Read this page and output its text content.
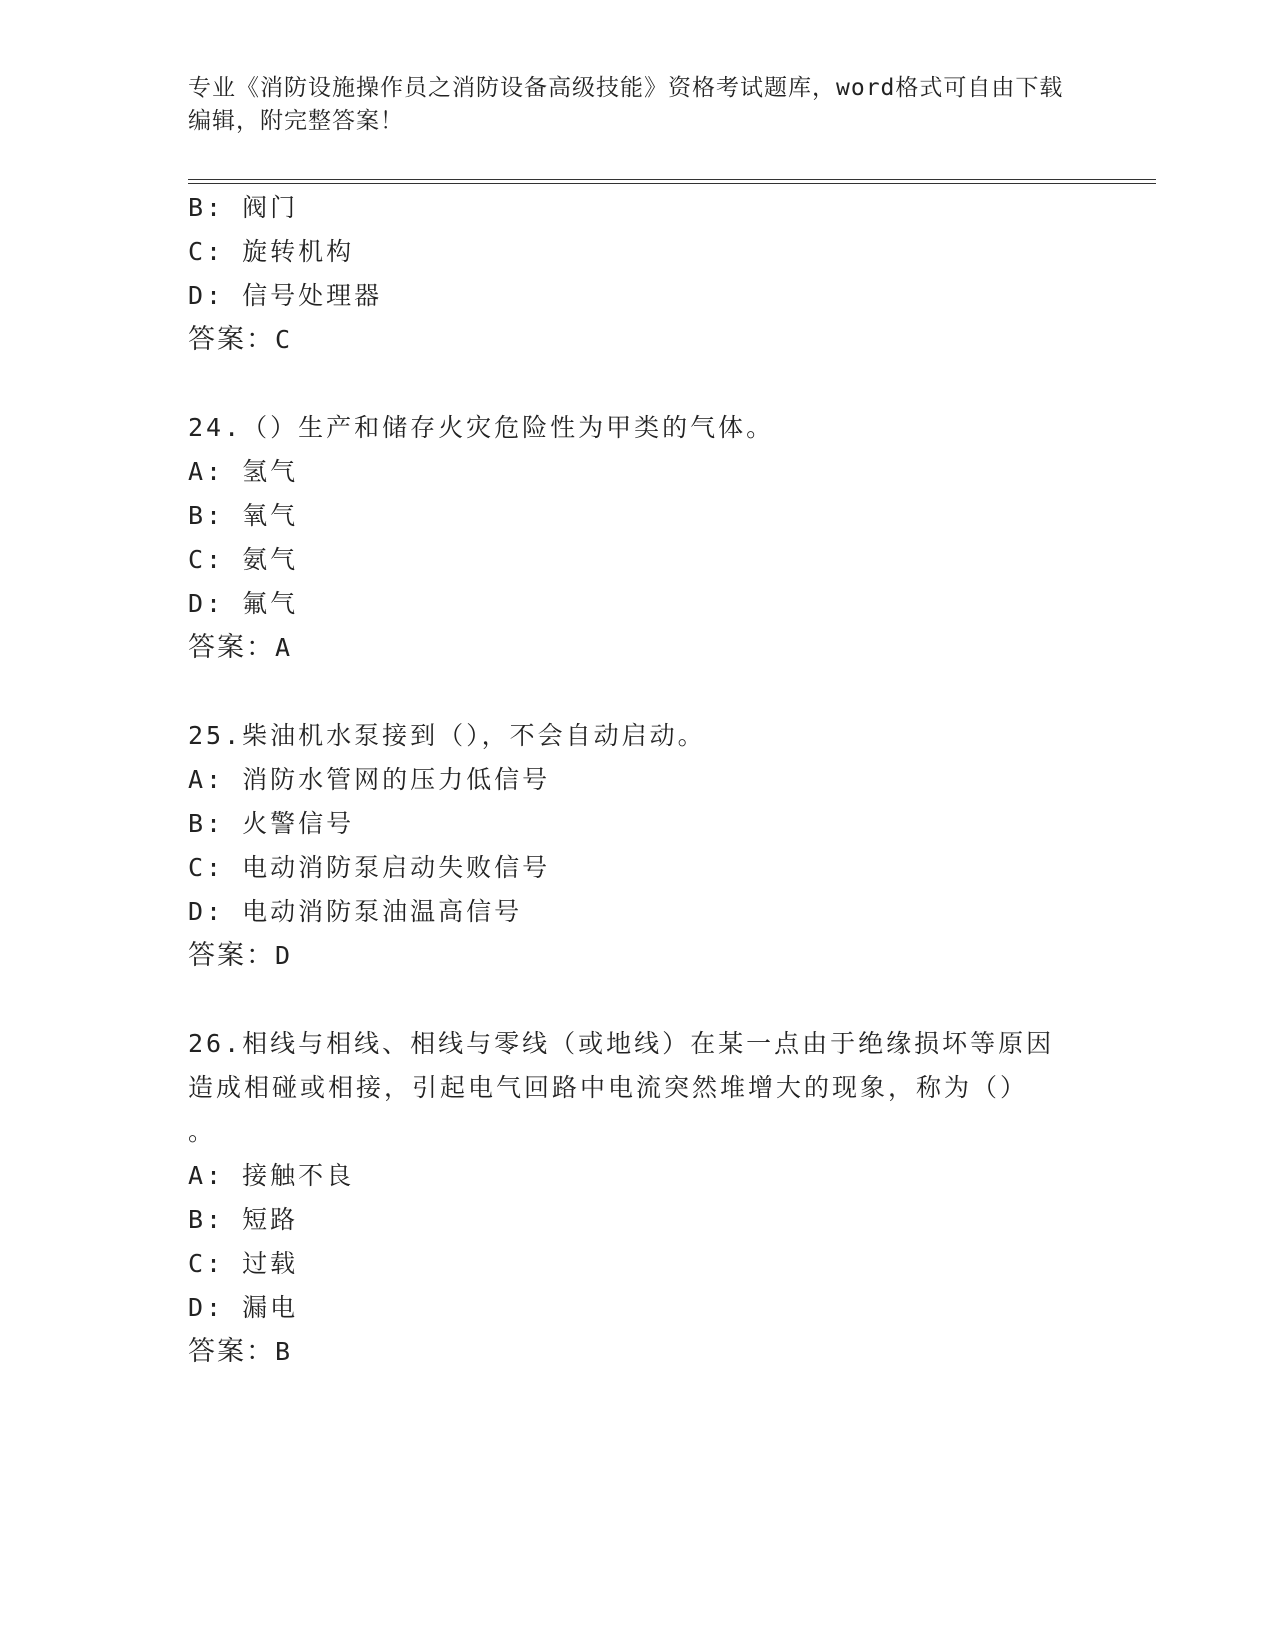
专业《消防设施操作员之消防设备高级技能》资格考试题库，word格式可自由下载编辑，附完整答案！
B: 阀门
C: 旋转机构
D: 信号处理器
答案：C
24.（）生产和储存火灾危险性为甲类的气体。
A: 氢气
B: 氧气
C: 氨气
D: 氟气
答案：A
25.柴油机水泵接到（），不会自动启动。
A: 消防水管网的压力低信号
B: 火警信号
C: 电动消防泵启动失败信号
D: 电动消防泵油温高信号
答案：D
26.相线与相线、相线与零线（或地线）在某一点由于绝缘损坏等原因
造成相碰或相接，引起电气回路中电流突然堆增大的现象，称为（）
。
A: 接触不良
B: 短路
C: 过载
D: 漏电
答案：B
